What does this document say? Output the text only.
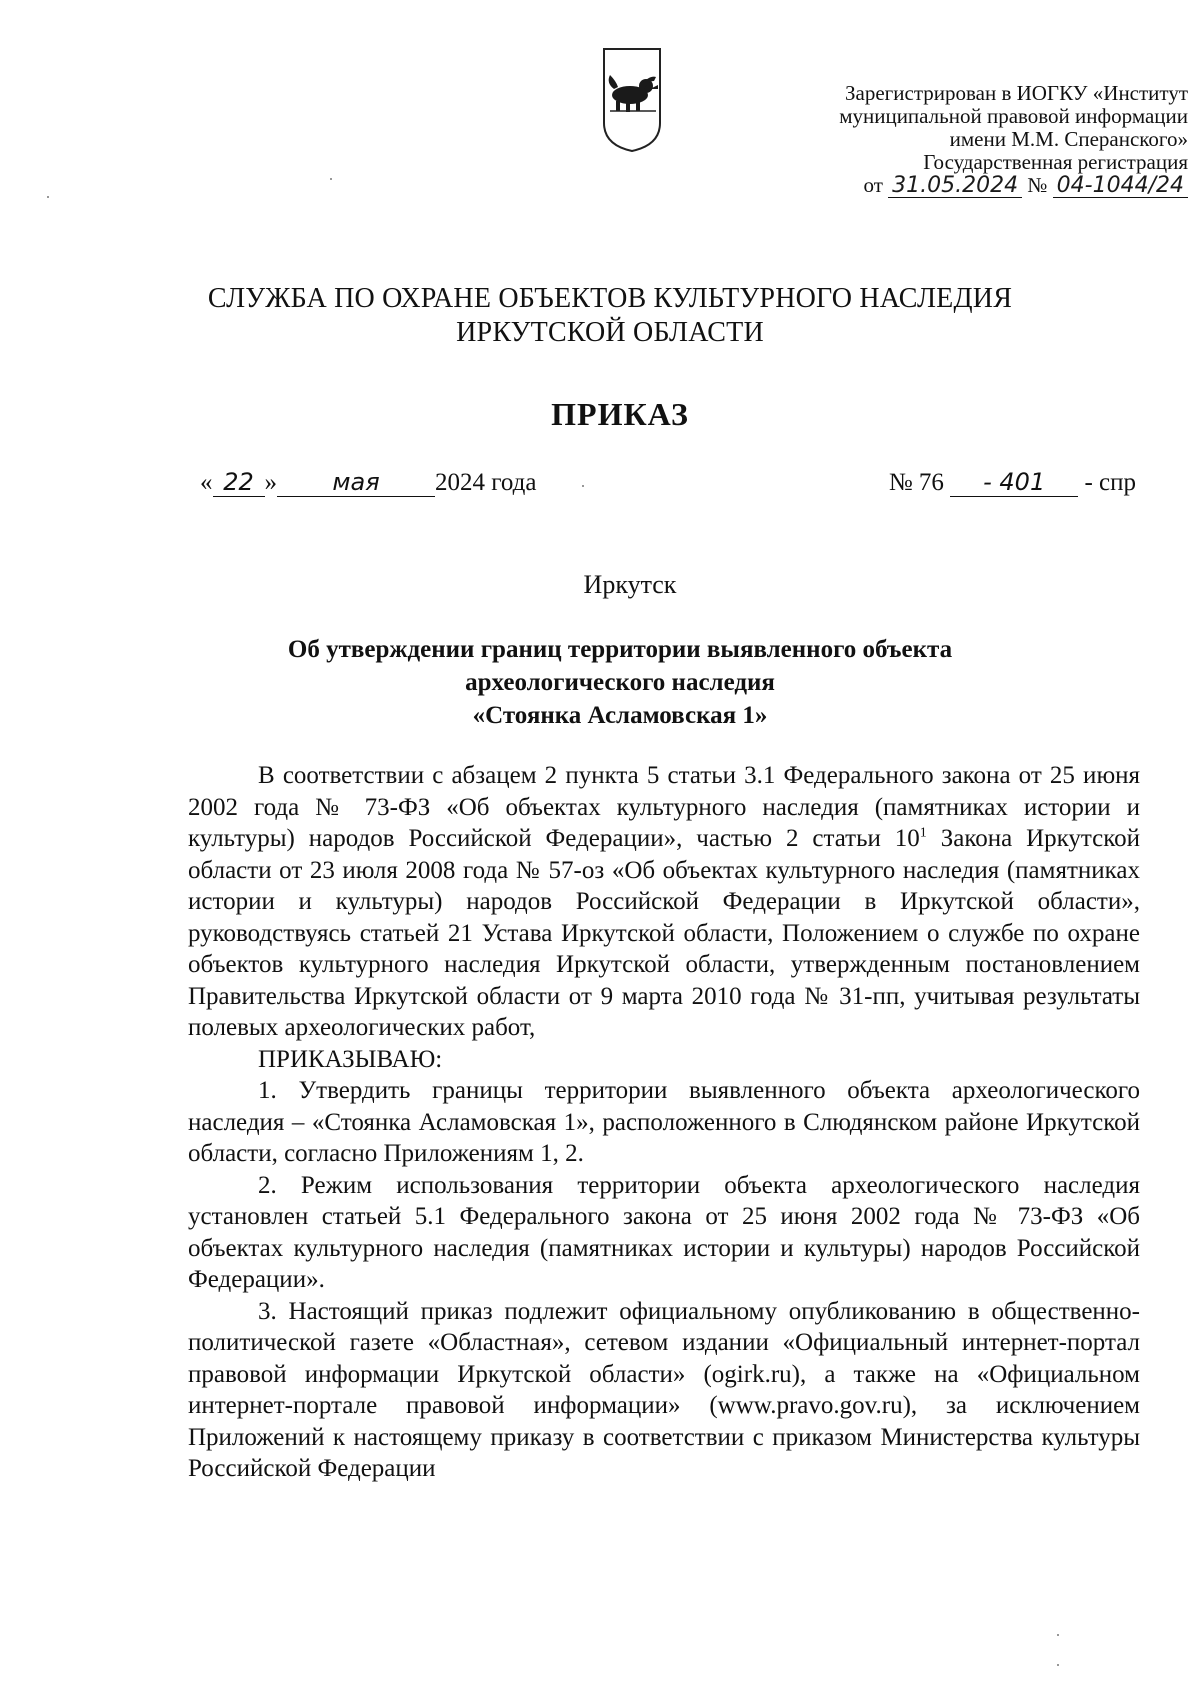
Зарегистрирован в ИОГКУ «Институт
муниципальной правовой информации
имени М.М. Сперанского»
Государственная регистрация
от 31.05.2024 № 04-1044/24
СЛУЖБА ПО ОХРАНЕ ОБЪЕКТОВ КУЛЬТУРНОГО НАСЛЕДИЯ
ИРКУТСКОЙ ОБЛАСТИ
ПРИКАЗ
« 22 » мая 2024 года	№ 76 - 401 - спр
Иркутск
Об утверждении границ территории выявленного объекта
археологического наследия
«Стоянка Асламовская 1»

В соответствии с абзацем 2 пункта 5 статьи 3.1 Федерального закона от 25 июня 2002 года № 73-ФЗ «Об объектах культурного наследия (памятниках истории и культуры) народов Российской Федерации», частью 2 статьи $10^1$ Закона Иркутской области от 23 июля 2008 года № 57-оз «Об объектах культурного наследия (памятниках истории и культуры) народов Российской Федерации в Иркутской области», руководствуясь статьей 21 Устава Иркутской области, Положением о службе по охране объектов культурного наследия Иркутской области, утвержденным постановлением Правительства Иркутской области от 9 марта 2010 года № 31-пп, учитывая результаты полевых археологических работ,

ПРИКАЗЫВАЮ:

1. Утвердить границы территории выявленного объекта археологического наследия – «Стоянка Асламовская 1», расположенного в Слюдянском районе Иркутской области, согласно Приложениям 1, 2.

2. Режим использования территории объекта археологического наследия установлен статьей 5.1 Федерального закона от 25 июня 2002 года № 73-ФЗ «Об объектах культурного наследия (памятниках истории и культуры) народов Российской Федерации».

3. Настоящий приказ подлежит официальному опубликованию в общественно-политической газете «Областная», сетевом издании «Официальный интернет-портал правовой информации Иркутской области» (ogirk.ru), а также на «Официальном интернет-портале правовой информации» (www.pravo.gov.ru), за исключением Приложений к настоящему приказу в соответствии с приказом Министерства культуры Российской Федерации
